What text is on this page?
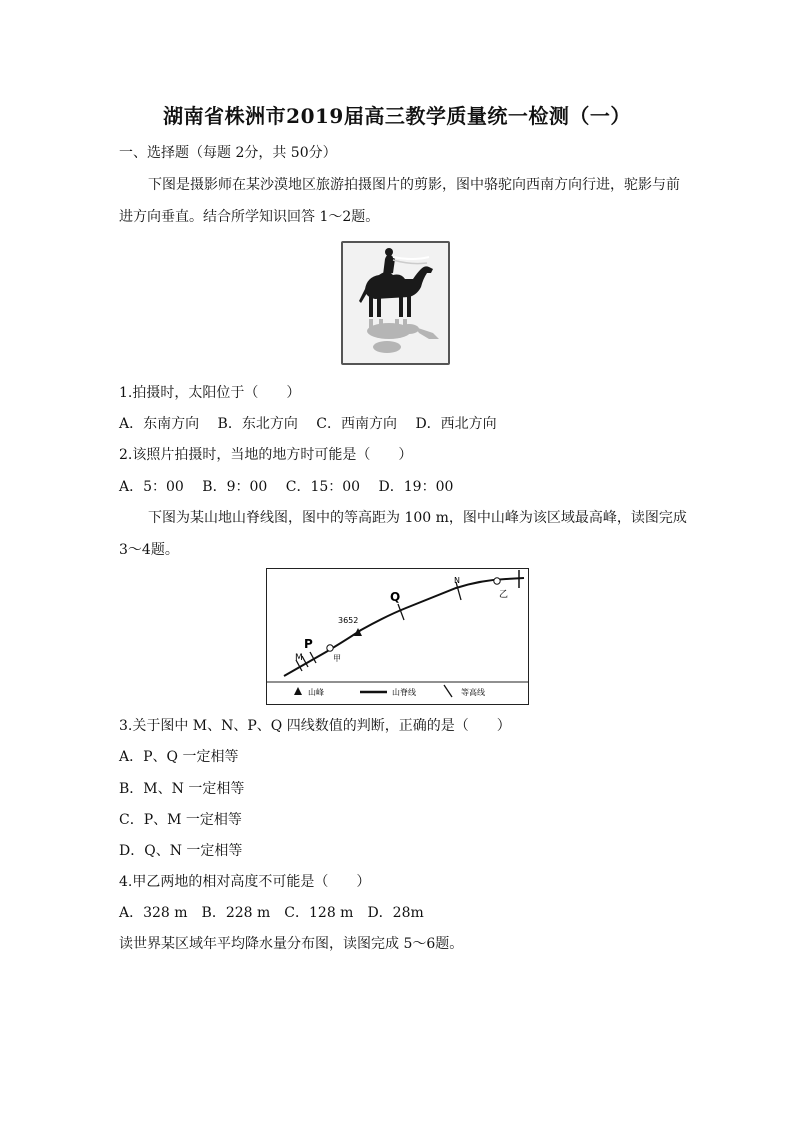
湖南省株洲市2019届高三教学质量统一检测（一）
一、选择题（每题 2分，共 50分）
下图是摄影师在某沙漠地区旅游拍摄图片的剪影，图中骆驼向西南方向行进，驼影与前
进方向垂直。结合所学知识回答 1～2题。
1.拍摄时，太阳位于（　　）
A．东南方向　 B．东北方向　 C．西南方向　 D．西北方向
2.该照片拍摄时，当地的地方时可能是（　　）
A．5：00　 B．9：00　 C．15：00　 D．19：00
下图为某山地山脊线图，图中的等高距为 100 m，图中山峰为该区域最高峰，读图完成
3～4题。
M
P
甲
3652
Q
N
乙
山峰	山脊线	等高线
3.关于图中 M、N、P、Q 四线数值的判断，正确的是（　　）
A．P、Q 一定相等
B．M、N 一定相等
C．P、M 一定相等
D．Q、N 一定相等
4.甲乙两地的相对高度不可能是（　　）
A．328 m　B．228 m　C．128 m　D．28m
读世界某区域年平均降水量分布图，读图完成 5～6题。
